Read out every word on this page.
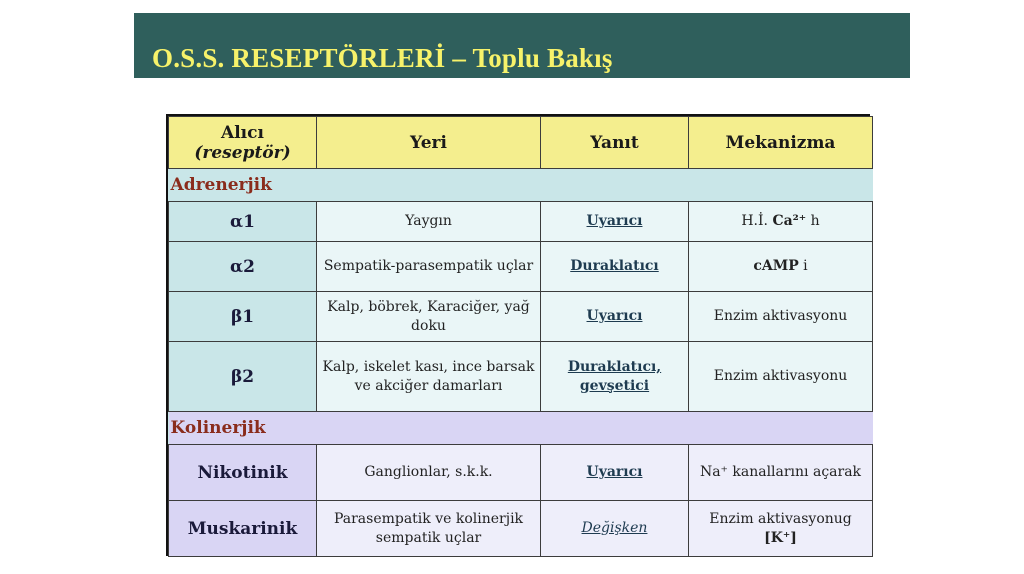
O.S.S. RESEPTÖRLERİ – Toplu Bakış
Alıcı
(reseptör)	Yeri	Yanıt	Mekanizma
Adrenerjik			
α1	Yaygın	Uyarıcı	H.İ. Ca²⁺ h
α2	Sempatik-parasempatik uçlar	Duraklatıcı	cAMP i
β1	Kalp, böbrek, Karaciğer, yağ doku	Uyarıcı	Enzim aktivasyonu
β2	Kalp, iskelet kası, ince barsak ve akciğer damarları	Duraklatıcı, gevşetici	Enzim aktivasyonu
Kolinerjik			
Nikotinik	Ganglionlar, s.k.k.	Uyarıcı	Na⁺ kanallarını açarak
Muskarinik	Parasempatik ve kolinerjik sempatik uçlar	Değişken	Enzim aktivasyonug [K⁺]
